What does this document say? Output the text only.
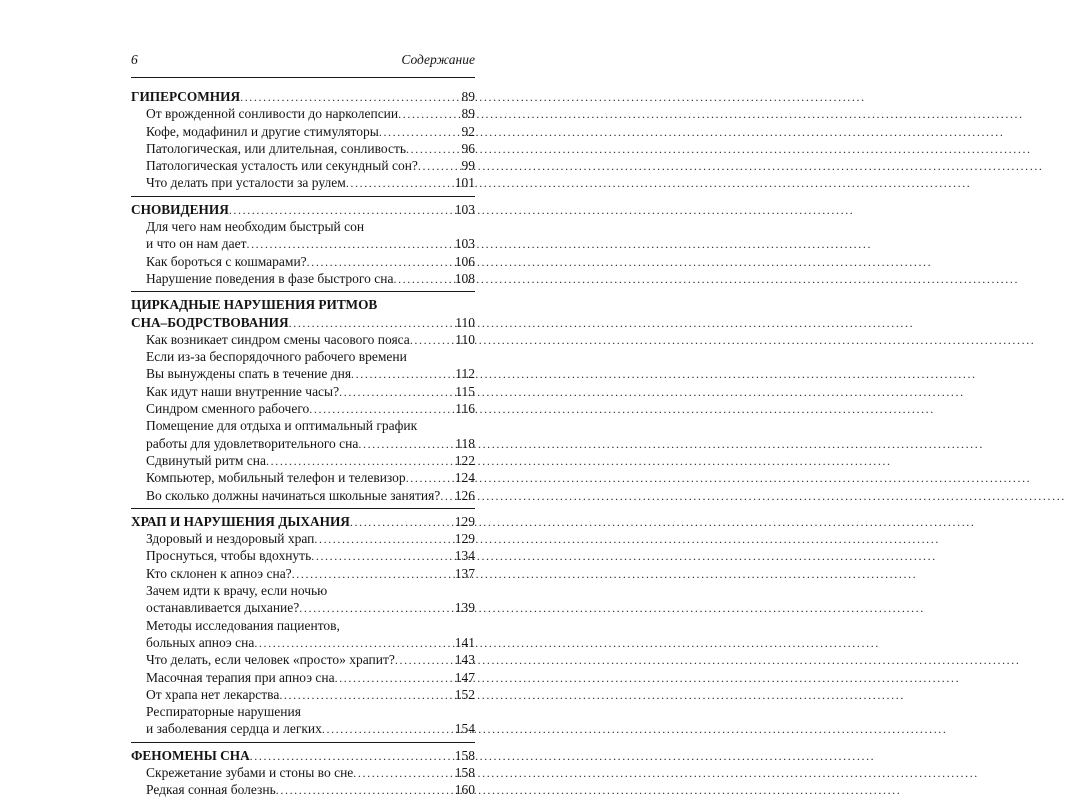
6	Содержание
ГИПЕРСОМНИЯ .....	89
От врожденной сонливости до нарколепсии .....	89
Кофе, модафинил и другие стимуляторы .....	92
Патологическая, или длительная, сонливость .....	96
Патологическая усталость или секундный сон? .....	99
Что делать при усталости за рулем .....	101
СНОВИДЕНИЯ .....	103
Для чего нам необходим быстрый сон
и что он нам дает .....	103
Как бороться с кошмарами? .....	106
Нарушение поведения в фазе быстрого сна .....	108
ЦИРКАДНЫЕ НАРУШЕНИЯ РИТМОВ
СНА–БОДРСТВОВАНИЯ .....	110
Как возникает синдром смены часового пояса .....	110
Если из-за беспорядочного рабочего времени
Вы вынуждены спать в течение дня .....	112
Как идут наши внутренние часы? .....	115
Синдром сменного рабочего .....	116
Помещение для отдыха и оптимальный график
работы для удовлетворительного сна .....	118
Сдвинутый ритм сна .....	122
Компьютер, мобильный телефон и телевизор .....	124
Во сколько должны начинаться школьные занятия? ..... 126
ХРАП И НАРУШЕНИЯ ДЫХАНИЯ .....	129
Здоровый и нездоровый храп .....	129
Проснуться, чтобы вдохнуть .....	134
Кто склонен к апноэ сна? .....	137
Зачем идти к врачу, если ночью
останавливается дыхание? .....	139
Методы исследования пациентов,
больных апноэ сна .....	141
Что делать, если человек «просто» храпит? .....	143
Масочная терапия при апноэ сна .....	147
От храпа нет лекарства .....	152
Респираторные нарушения
и заболевания сердца и легких .....	154
ФЕНОМЕНЫ СНА .....	158
Скрежетание зубами и стоны во сне .....	158
Редкая сонная болезнь .....	160
